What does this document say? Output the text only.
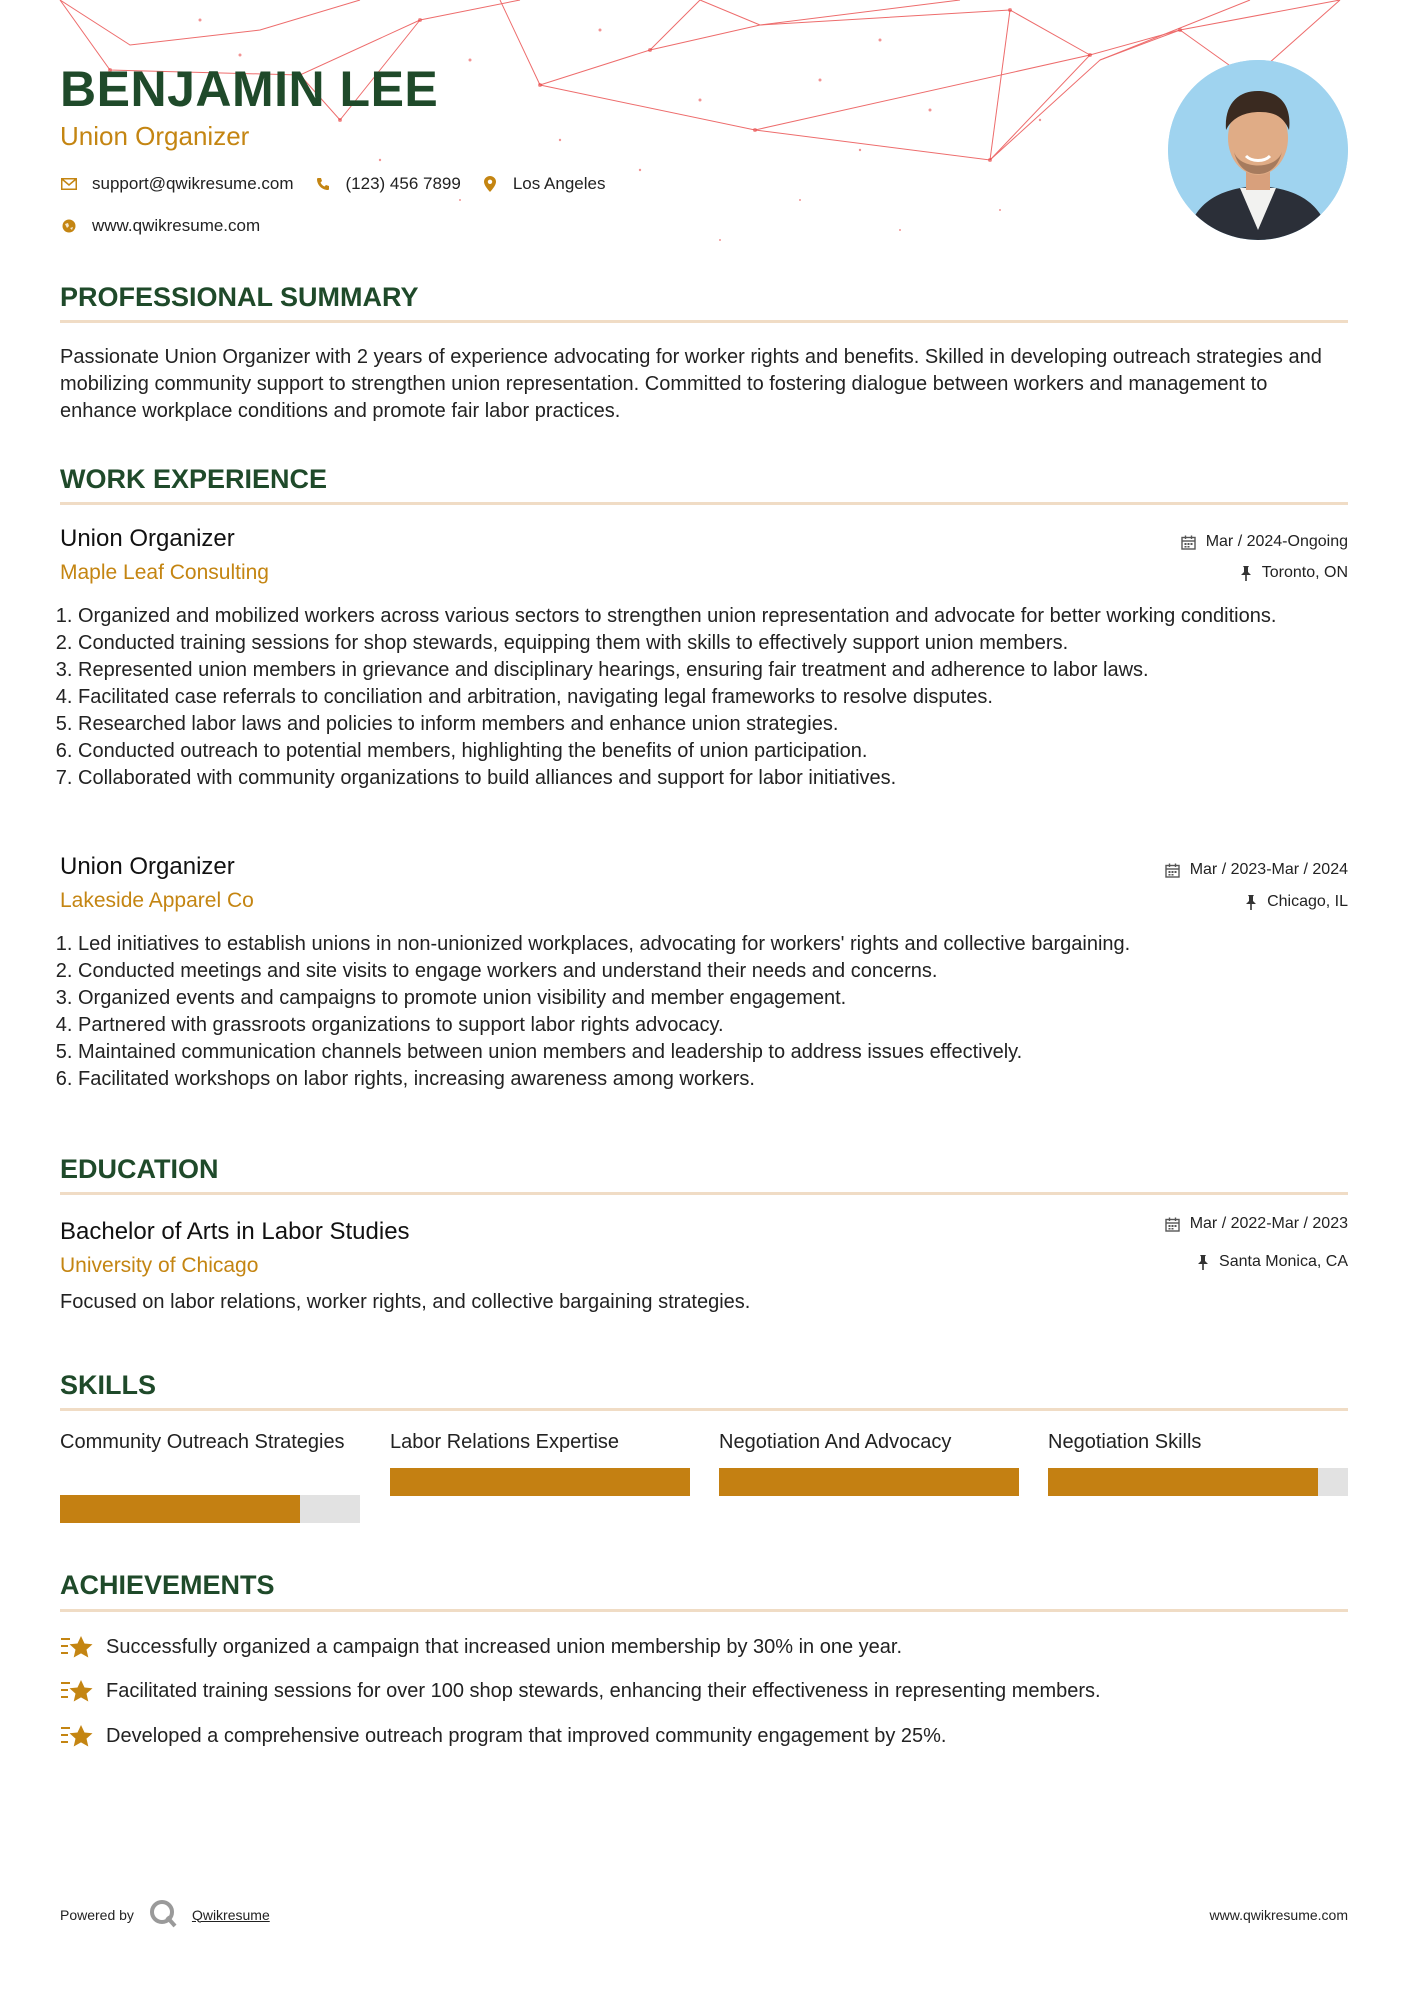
BENJAMIN LEE
Union Organizer
support@qwikresume.com	(123) 456 7899	Los Angeles
www.qwikresume.com
PROFESSIONAL SUMMARY
Passionate Union Organizer with 2 years of experience advocating for worker rights and benefits. Skilled in developing outreach strategies and mobilizing community support to strengthen union representation. Committed to fostering dialogue between workers and management to enhance workplace conditions and promote fair labor practices.
WORK EXPERIENCE
Union Organizer	Mar / 2024-Ongoing
Maple Leaf Consulting	Toronto, ON
1. Organized and mobilized workers across various sectors to strengthen union representation and advocate for better working conditions.
2. Conducted training sessions for shop stewards, equipping them with skills to effectively support union members.
3. Represented union members in grievance and disciplinary hearings, ensuring fair treatment and adherence to labor laws.
4. Facilitated case referrals to conciliation and arbitration, navigating legal frameworks to resolve disputes.
5. Researched labor laws and policies to inform members and enhance union strategies.
6. Conducted outreach to potential members, highlighting the benefits of union participation.
7. Collaborated with community organizations to build alliances and support for labor initiatives.
Union Organizer	Mar / 2023-Mar / 2024
Lakeside Apparel Co	Chicago, IL
1. Led initiatives to establish unions in non-unionized workplaces, advocating for workers' rights and collective bargaining.
2. Conducted meetings and site visits to engage workers and understand their needs and concerns.
3. Organized events and campaigns to promote union visibility and member engagement.
4. Partnered with grassroots organizations to support labor rights advocacy.
5. Maintained communication channels between union members and leadership to address issues effectively.
6. Facilitated workshops on labor rights, increasing awareness among workers.
EDUCATION
Bachelor of Arts in Labor Studies	Mar / 2022-Mar / 2023
University of Chicago	Santa Monica, CA
Focused on labor relations, worker rights, and collective bargaining strategies.
SKILLS
Community Outreach Strategies	Labor Relations Expertise	Negotiation And Advocacy	Negotiation Skills
ACHIEVEMENTS
Successfully organized a campaign that increased union membership by 30% in one year.
Facilitated training sessions for over 100 shop stewards, enhancing their effectiveness in representing members.
Developed a comprehensive outreach program that improved community engagement by 25%.
Powered by	Qwikresume	www.qwikresume.com
